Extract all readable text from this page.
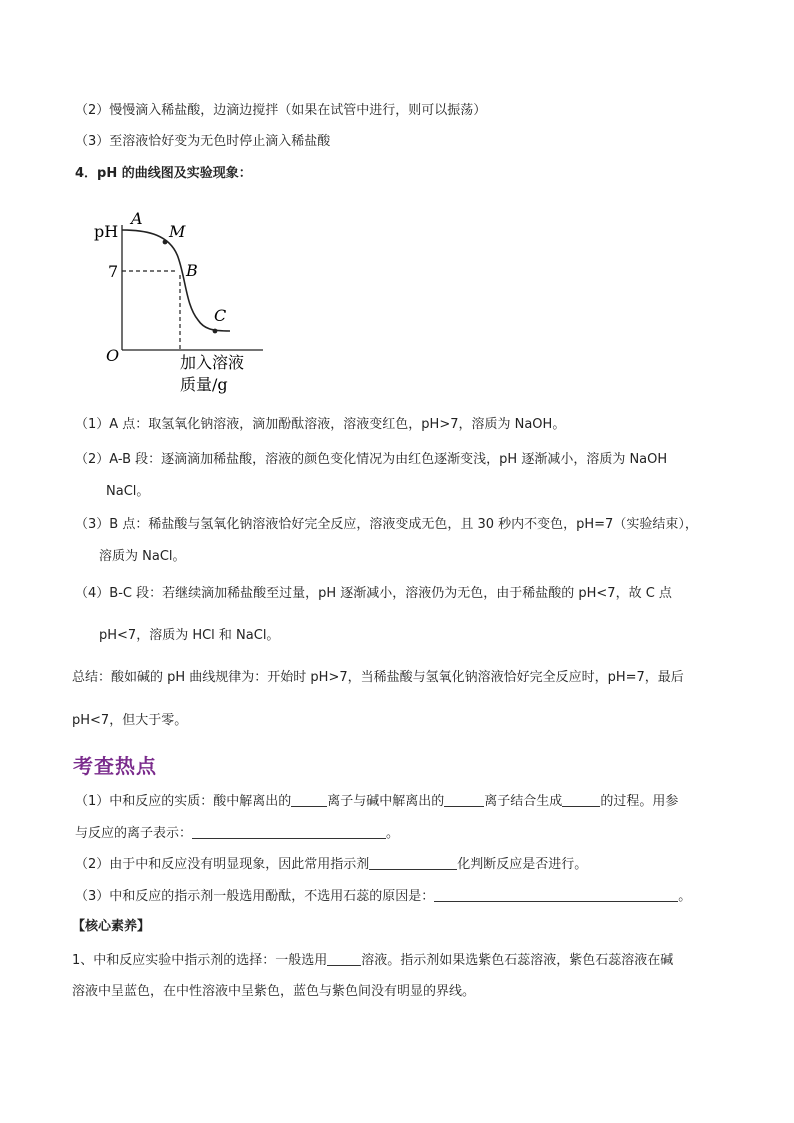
（2）慢慢滴入稀盐酸，边滴边搅拌（如果在试管中进行，则可以振荡）
（3）至溶液恰好变为无色时停止滴入稀盐酸
4．pH 的曲线图及实验现象：
pH
7
O
A
M
B
C
加入溶液
质量/g
（1）A 点：取氢氧化钠溶液，滴加酚酞溶液，溶液变红色，pH>7，溶质为 NaOH。
（2）A-B 段：逐滴滴加稀盐酸，溶液的颜色变化情况为由红色逐渐变浅，pH 逐渐减小，溶质为 NaOH
NaCl。
（3）B 点：稀盐酸与氢氧化钠溶液恰好完全反应，溶液变成无色，且 30 秒内不变色，pH=7（实验结束），
溶质为 NaCl。
（4）B-C 段：若继续滴加稀盐酸至过量，pH 逐渐减小，溶液仍为无色，由于稀盐酸的 pH<7，故 C 点
pH<7，溶质为 HCl 和 NaCl。
总结：酸如碱的 pH 曲线规律为：开始时 pH>7，当稀盐酸与氢氧化钠溶液恰好完全反应时，pH=7，最后
pH<7，但大于零。
考查热点
（1）中和反应的实质：酸中解离出的	离子与碱中解离出的	离子结合生成	的过程。用参
与反应的离子表示：	。
（2）由于中和反应没有明显现象，因此常用指示剂	化判断反应是否进行。
（3）中和反应的指示剂一般选用酚酞，不选用石蕊的原因是：	。
【核心素养】
1、中和反应实验中指示剂的选择：一般选用	溶液。指示剂如果选紫色石蕊溶液，紫色石蕊溶液在碱
溶液中呈蓝色，在中性溶液中呈紫色，蓝色与紫色间没有明显的界线。
